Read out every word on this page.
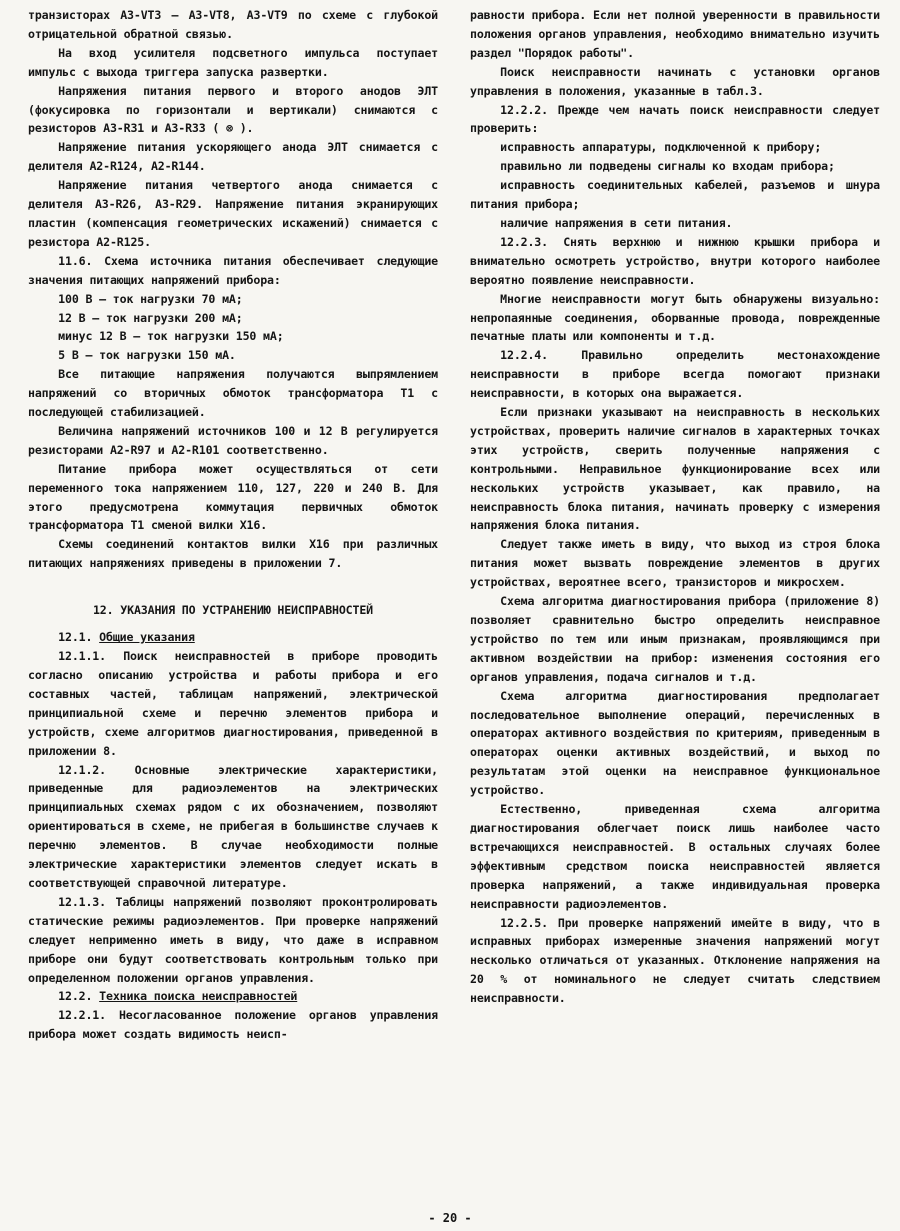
транзисторах А3-VТ3 – А3-VТ8, А3-VТ9 по схеме с глубокой отрицательной обратной связью.

На вход усилителя подсветного импульса поступает импульс с выхода триггера запуска развертки.

Напряжения питания первого и второго анодов ЭЛТ (фокусировка по горизонтали и вертикали) снимаются с резисторов А3-R31 и А3-R33 ( ⊗ ).

Напряжение питания ускоряющего анода ЭЛТ снимается с делителя А2-R124, А2-R144.

Напряжение питания четвертого анода снимается с делителя А3-R26, А3-R29. Напряжение питания экранирующих пластин (компенсация геометрических искажений) снимается с резистора А2-R125.

11.6. Схема источника питания обеспечивает следующие значения питающих напряжений прибора:

100 В – ток нагрузки 70 мА;

12 В – ток нагрузки 200 мА;

минус 12 В – ток нагрузки 150 мА;

5 В – ток нагрузки 150 мА.

Все питающие напряжения получаются выпрямлением напряжений со вторичных обмоток трансформатора Т1 с последующей стабилизацией.

Величина напряжений источников 100 и 12 В регулируется резисторами А2-R97 и А2-R101 соответственно.

Питание прибора может осуществляться от сети переменного тока напряжением 110, 127, 220 и 240 В. Для этого предусмотрена коммутация первичных обмоток трансформатора Т1 сменой вилки Х16.

Схемы соединений контактов вилки Х16 при различных питающих напряжениях приведены в приложении 7.

12. УКАЗАНИЯ ПО УСТРАНЕНИЮ НЕИСПРАВНОСТЕЙ

12.1. Общие указания

12.1.1. Поиск неисправностей в приборе проводить согласно описанию устройства и работы прибора и его составных частей, таблицам напряжений, электрической принципиальной схеме и перечню элементов прибора и устройств, схеме алгоритмов диагностирования, приведенной в приложении 8.

12.1.2. Основные электрические характеристики, приведенные для радиоэлементов на электрических принципиальных схемах рядом с их обозначением, позволяют ориентироваться в схеме, не прибегая в большинстве случаев к перечню элементов. В случае необходимости полные электрические характеристики элементов следует искать в соответствующей справочной литературе.

12.1.3. Таблицы напряжений позволяют проконтролировать статические режимы радиоэлементов. При проверке напряжений следует неприменно иметь в виду, что даже в исправном приборе они будут соответствовать контрольным только при определенном положении органов управления.

12.2. Техника поиска неисправностей

12.2.1. Несогласованное положение органов управления прибора может создать видимость неисп-

равности прибора. Если нет полной уверенности в правильности положения органов управления, необходимо внимательно изучить раздел "Порядок работы".

Поиск неисправности начинать с установки органов управления в положения, указанные в табл.3.

12.2.2. Прежде чем начать поиск неисправности следует проверить:

исправность аппаратуры, подключенной к прибору;

правильно ли подведены сигналы ко входам прибора;

исправность соединительных кабелей, разъемов и шнура питания прибора;

наличие напряжения в сети питания.

12.2.3. Снять верхнюю и нижнюю крышки прибора и внимательно осмотреть устройство, внутри которого наиболее вероятно появление неисправности.

Многие неисправности могут быть обнаружены визуально: непропаянные соединения, оборванные провода, поврежденные печатные платы или компоненты и т.д.

12.2.4. Правильно определить местонахождение неисправности в приборе всегда помогают признаки неисправности, в которых она выражается.

Если признаки указывают на неисправность в нескольких устройствах, проверить наличие сигналов в характерных точках этих устройств, сверить полученные напряжения с контрольными. Неправильное функционирование всех или нескольких устройств указывает, как правило, на неисправность блока питания, начинать проверку с измерения напряжения блока питания.

Следует также иметь в виду, что выход из строя блока питания может вызвать повреждение элементов в других устройствах, вероятнее всего, транзисторов и микросхем.

Схема алгоритма диагностирования прибора (приложение 8) позволяет сравнительно быстро определить неисправное устройство по тем или иным признакам, проявляющимся при активном воздействии на прибор: изменения состояния его органов управления, подача сигналов и т.д.

Схема алгоритма диагностирования предполагает последовательное выполнение операций, перечисленных в операторах активного воздействия по критериям, приведенным в операторах оценки активных воздействий, и выход по результатам этой оценки на неисправное функциональное устройство.

Естественно, приведенная схема алгоритма диагностирования облегчает поиск лишь наиболее часто встречающихся неисправностей. В остальных случаях более эффективным средством поиска неисправностей является проверка напряжений, а также индивидуальная проверка неисправности радиоэлементов.

12.2.5. При проверке напряжений имейте в виду, что в исправных приборах измеренные значения напряжений могут несколько отличаться от указанных. Отклонение напряжения на 20 % от номинального не следует считать следствием неисправности.

- 20 -
